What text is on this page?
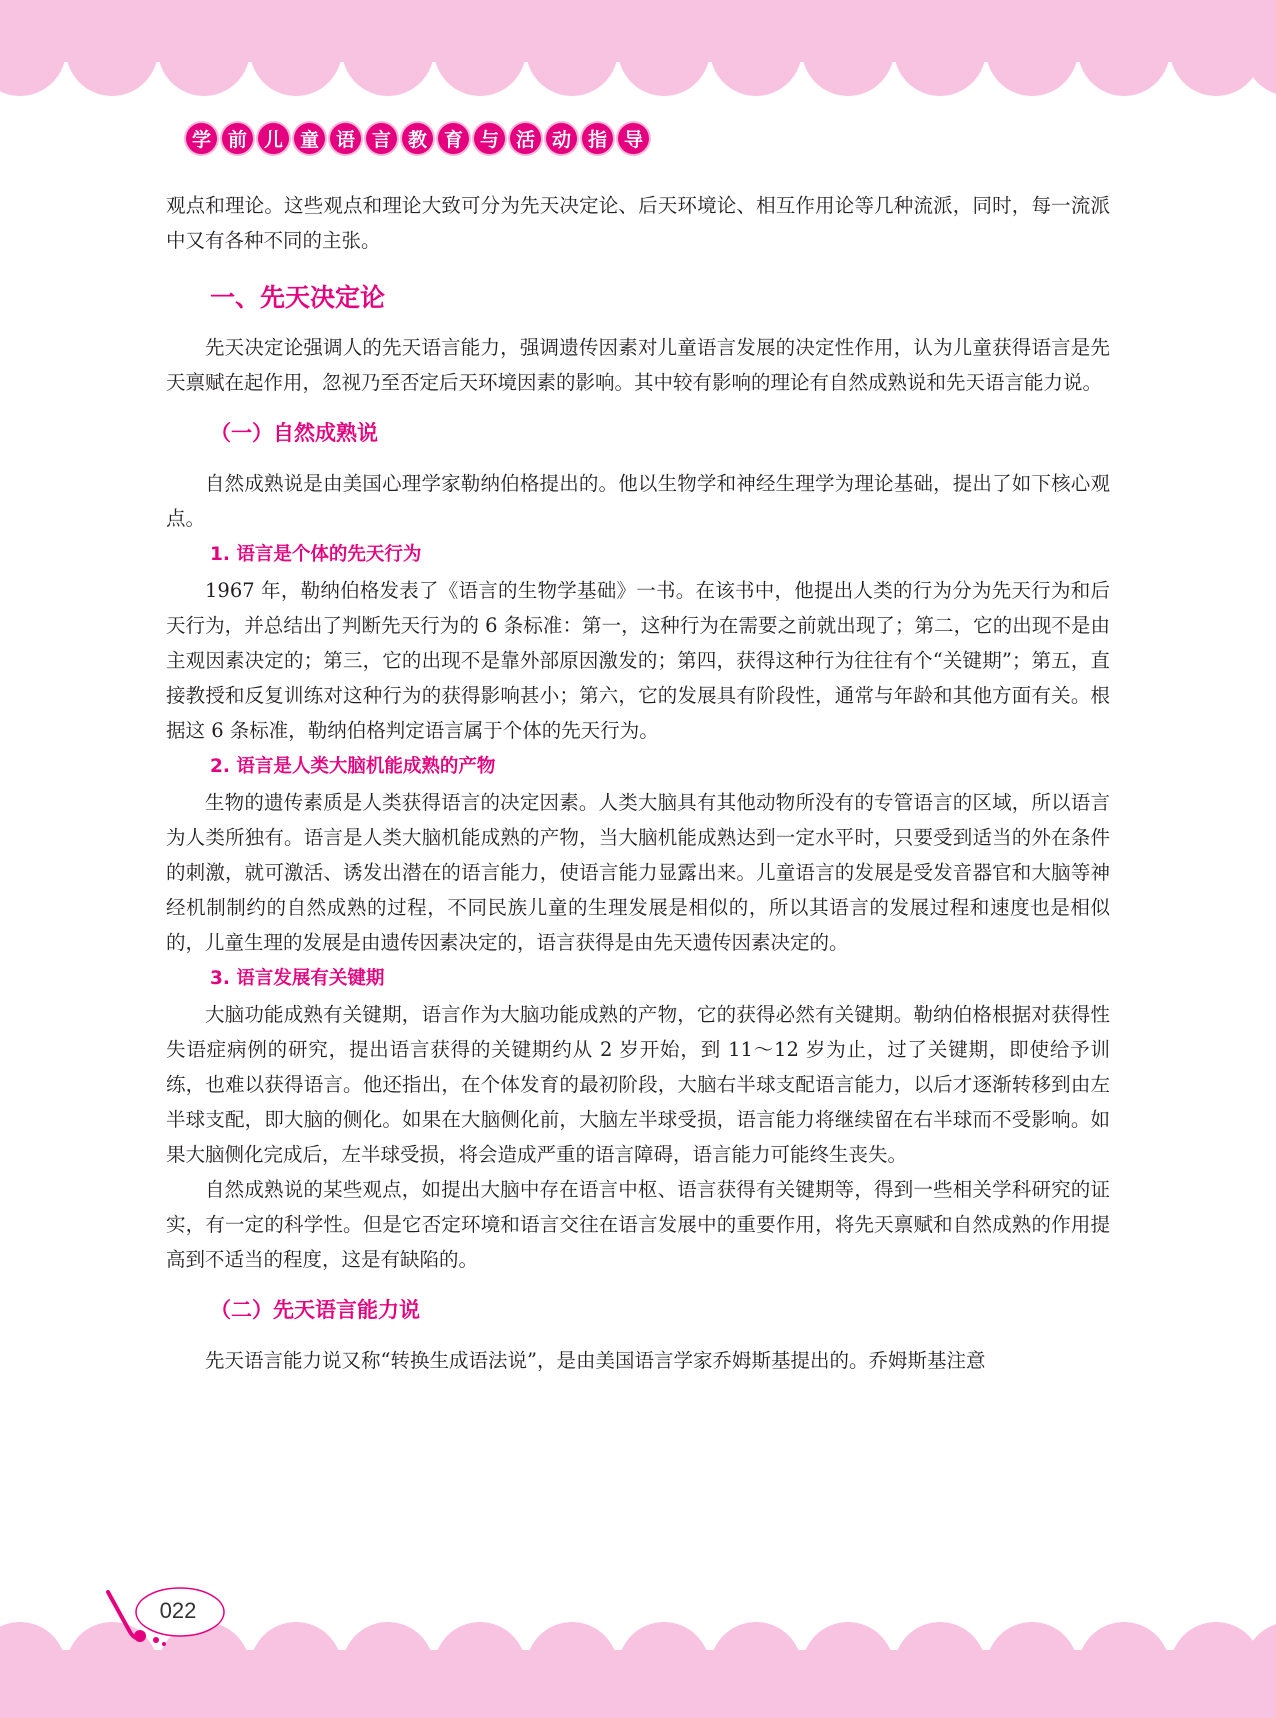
学 前 儿 童 语 言 教 育 与 活 动 指 导

观点和理论。这些观点和理论大致可分为先天决定论、后天环境论、相互作用论等几种流派，同时，每一流派中又有各种不同的主张。

一、先天决定论

先天决定论强调人的先天语言能力，强调遗传因素对儿童语言发展的决定性作用，认为儿童获得语言是先天禀赋在起作用，忽视乃至否定后天环境因素的影响。其中较有影响的理论有自然成熟说和先天语言能力说。

（一）自然成熟说

自然成熟说是由美国心理学家勒纳伯格提出的。他以生物学和神经生理学为理论基础，提出了如下核心观点。

1. 语言是个体的先天行为

1967 年，勒纳伯格发表了《语言的生物学基础》一书。在该书中，他提出人类的行为分为先天行为和后天行为，并总结出了判断先天行为的 6 条标准：第一，这种行为在需要之前就出现了；第二，它的出现不是由主观因素决定的；第三，它的出现不是靠外部原因激发的；第四，获得这种行为往往有个“关键期”；第五，直接教授和反复训练对这种行为的获得影响甚小；第六，它的发展具有阶段性，通常与年龄和其他方面有关。根据这 6 条标准，勒纳伯格判定语言属于个体的先天行为。

2. 语言是人类大脑机能成熟的产物

生物的遗传素质是人类获得语言的决定因素。人类大脑具有其他动物所没有的专管语言的区域，所以语言为人类所独有。语言是人类大脑机能成熟的产物，当大脑机能成熟达到一定水平时，只要受到适当的外在条件的刺激，就可激活、诱发出潜在的语言能力，使语言能力显露出来。儿童语言的发展是受发音器官和大脑等神经机制制约的自然成熟的过程，不同民族儿童的生理发展是相似的，所以其语言的发展过程和速度也是相似的，儿童生理的发展是由遗传因素决定的，语言获得是由先天遗传因素决定的。

3. 语言发展有关键期

大脑功能成熟有关键期，语言作为大脑功能成熟的产物，它的获得必然有关键期。勒纳伯格根据对获得性失语症病例的研究，提出语言获得的关键期约从 2 岁开始，到 11～12 岁为止，过了关键期，即使给予训练，也难以获得语言。他还指出，在个体发育的最初阶段，大脑右半球支配语言能力，以后才逐渐转移到由左半球支配，即大脑的侧化。如果在大脑侧化前，大脑左半球受损，语言能力将继续留在右半球而不受影响。如果大脑侧化完成后，左半球受损，将会造成严重的语言障碍，语言能力可能终生丧失。

自然成熟说的某些观点，如提出大脑中存在语言中枢、语言获得有关键期等，得到一些相关学科研究的证实，有一定的科学性。但是它否定环境和语言交往在语言发展中的重要作用，将先天禀赋和自然成熟的作用提高到不适当的程度，这是有缺陷的。

（二）先天语言能力说

先天语言能力说又称“转换生成语法说”，是由美国语言学家乔姆斯基提出的。乔姆斯基注意

022
